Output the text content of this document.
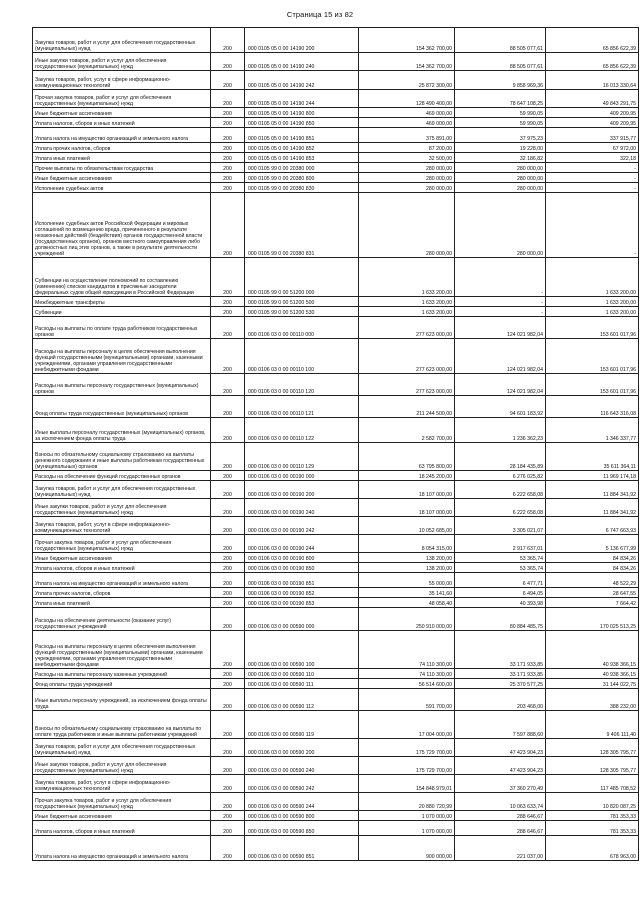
Страница 15 из 82
Закупка товаров, работ и услуг для обеспечения государственных (муниципальных) нужд	200	000 0105 05 0 00 14190 200	154 362 700,00	88 505 077,61	65 856 622,39
Иные закупки товаров, работ и услуг для обеспечения государственных (муниципальных) нужд	200	000 0105 05 0 00 14190 240	154 362 700,00	88 505 077,61	65 856 622,39
Закупка товаров, работ, услуг в сфере информационно-коммуникационных технологий	200	000 0105 05 0 00 14190 242	25 872 300,00	9 858 969,36	16 013 330,64
Прочая закупка товаров, работ и услуг для обеспечения государственных (муниципальных) нужд	200	000 0105 05 0 00 14190 244	128 490 400,00	78 647 108,25	49 843 291,75
Иные бюджетные ассигнования	200	000 0105 05 0 00 14190 800	469 000,00	59 990,05	409 209,95
Уплата налогов, сборов и иных платежей	200	000 0105 05 0 00 14190 850	469 000,00	59 990,05	409 209,95
Уплата налога на имущество организаций и земельного налога	200	000 0105 05 0 00 14190 851	375 891,00	37 975,23	337 915,77
Уплата прочих налогов, сборов	200	000 0105 05 0 00 14190 852	87 200,00	19 228,00	67 972,00
Уплата иных платежей	200	000 0105 05 0 00 14190 853	32 500,00	32 186,82	322,18
Прочие выплаты по обязательствам государства	200	000 0105 99 0 00 20380 000	280 000,00	280 000,00	-
Иные бюджетные ассигнования	200	000 0105 99 0 00 20380 800	280 000,00	280 000,00	-
Исполнение судебных актов	200	000 0105 99 0 00 20380 830	280 000,00	280 000,00	-
Исполнение судебных актов Российской Федерации и мировых соглашений по возмещению вреда, причиненного в результате незаконных действий (бездействия) органов государственной власти (государственных органов), органов местного самоуправления либо должностных лиц этих органов, а также в результате деятельности учреждений	200	000 0105 99 0 00 20380 831	280 000,00	280 000,00	-
Субвенции на осуществление полномочий по составлению (изменению) списков кандидатов в присяжные заседатели федеральных судов общей юрисдикции в Российской Федерации	200	000 0105 99 0 00 51200 000	1 633 200,00	-	1 633 200,00
Межбюджетные трансферты	200	000 0105 99 0 00 51200 500	1 633 200,00	-	1 633 200,00
Субвенции	200	000 0105 99 0 00 51200 530	1 633 200,00	-	1 633 200,00
Расходы на выплаты по оплате труда работников государственных органов	200	000 0106 03 0 00 00110 000	277 623 000,00	124 021 982,04	153 601 017,96
Расходы на выплаты персоналу в целях обеспечения выполнения функций государственными (муниципальными) органами, казенными учреждениями, органами управления государственными внебюджетными фондами	200	000 0106 03 0 00 00110 100	277 623 000,00	124 021 982,04	153 601 017,96
Расходы на выплаты персоналу государственных (муниципальных) органов	200	000 0106 03 0 00 00110 120	277 623 000,00	124 021 982,04	153 601 017,96
Фонд оплаты труда государственных (муниципальных) органов	200	000 0106 03 0 00 00110 121	211 244 500,00	94 601 183,92	116 643 316,08
Иные выплаты персоналу государственных (муниципальных) органов, за исключением фонда оплаты труда	200	000 0106 03 0 00 00110 122	2 582 700,00	1 236 362,23	1 346 337,77
Взносы по обязательному социальному страхованию на выплаты денежного содержания и иные выплаты работникам государственных (муниципальных) органов	200	000 0106 03 0 00 00110 129	63 795 800,00	28 184 435,89	35 611 364,11
Расходы на обеспечение функций государственных органов	200	000 0106 03 0 00 00190 000	18 245 200,00	6 276 025,82	11 969 174,18
Закупка товаров, работ и услуг для обеспечения государственных (муниципальных) нужд	200	000 0106 03 0 00 00190 200	18 107 000,00	6 222 658,08	11 884 341,92
Иные закупки товаров, работ и услуг для обеспечения государственных (муниципальных) нужд	200	000 0106 03 0 00 00190 240	18 107 000,00	6 222 658,08	11 884 341,92
Закупка товаров, работ, услуг в сфере информационно-коммуникационных технологий	200	000 0106 03 0 00 00190 242	10 052 685,00	3 305 021,07	6 747 663,93
Прочая закупка товаров, работ и услуг для обеспечения государственных (муниципальных) нужд	200	000 0106 03 0 00 00190 244	8 054 315,00	2 917 637,01	5 136 677,99
Иные бюджетные ассигнования	200	000 0106 03 0 00 00190 800	138 200,00	53 365,74	84 834,26
Уплата налогов, сборов и иных платежей	200	000 0106 03 0 00 00190 850	138 200,00	53 365,74	84 834,26
Уплата налога на имущество организаций и земельного налога	200	000 0106 03 0 00 00190 851	55 000,00	6 477,71	48 522,29
Уплата прочих налогов, сборов	200	000 0106 03 0 00 00190 852	35 141,60	6 494,05	28 647,55
Уплата иных платежей	200	000 0106 03 0 00 00190 853	48 058,40	40 393,98	7 664,42
Расходы на обеспечение деятельности (оказание услуг) государственных учреждений	200	000 0106 03 0 00 00590 000	250 910 000,00	80 884 485,75	170 025 513,25
Расходы на выплаты персоналу в целях обеспечения выполнения функций государственными (муниципальными) органами, казенными учреждениями, органами управления государственными внебюджетными фондами	200	000 0106 03 0 00 00590 100	74 110 300,00	33 171 933,85	40 938 366,15
Расходы на выплаты персоналу казенных учреждений	200	000 0106 03 0 00 00590 110	74 110 300,00	33 171 933,85	40 938 366,15
Фонд оплаты труда учреждений	200	000 0106 03 0 00 00590 111	56 514 600,00	25 370 577,25	31 144 022,75
Иные выплаты персоналу учреждений, за исключением фонда оплаты труда	200	000 0106 03 0 00 00590 112	591 700,00	203 468,00	388 232,00
Взносы по обязательному социальному страхованию на выплаты по оплате труда работников и иные выплаты работникам учреждений	200	000 0106 03 0 00 00590 119	17 004 000,00	7 597 888,60	9 406 111,40
Закупка товаров, работ и услуг для обеспечения государственных (муниципальных) нужд	200	000 0106 03 0 00 00590 200	175 729 700,00	47 423 904,23	128 305 795,77
Иные закупки товаров, работ и услуг для обеспечения государственных (муниципальных) нужд	200	000 0106 03 0 00 00590 240	175 729 700,00	47 423 904,23	128 305 795,77
Закупка товаров, работ, услуг в сфере информационно-коммуникационных технологий	200	000 0106 03 0 00 00590 242	154 848 979,01	37 360 270,49	117 485 708,52
Прочая закупка товаров, работ и услуг для обеспечения государственных (муниципальных) нужд	200	000 0106 03 0 00 00590 244	20 880 720,99	10 063 633,74	10 820 087,25
Иные бюджетные ассигнования	200	000 0106 03 0 00 00590 800	1 070 000,00	288 646,67	781 353,33
Уплата налогов, сборов и иных платежей	200	000 0106 03 0 00 00590 850	1 070 000,00	288 646,67	781 353,33
Уплата налога на имущество организаций и земельного налога	200	000 0106 03 0 00 00590 851	900 000,00	221 037,00	678 963,00
